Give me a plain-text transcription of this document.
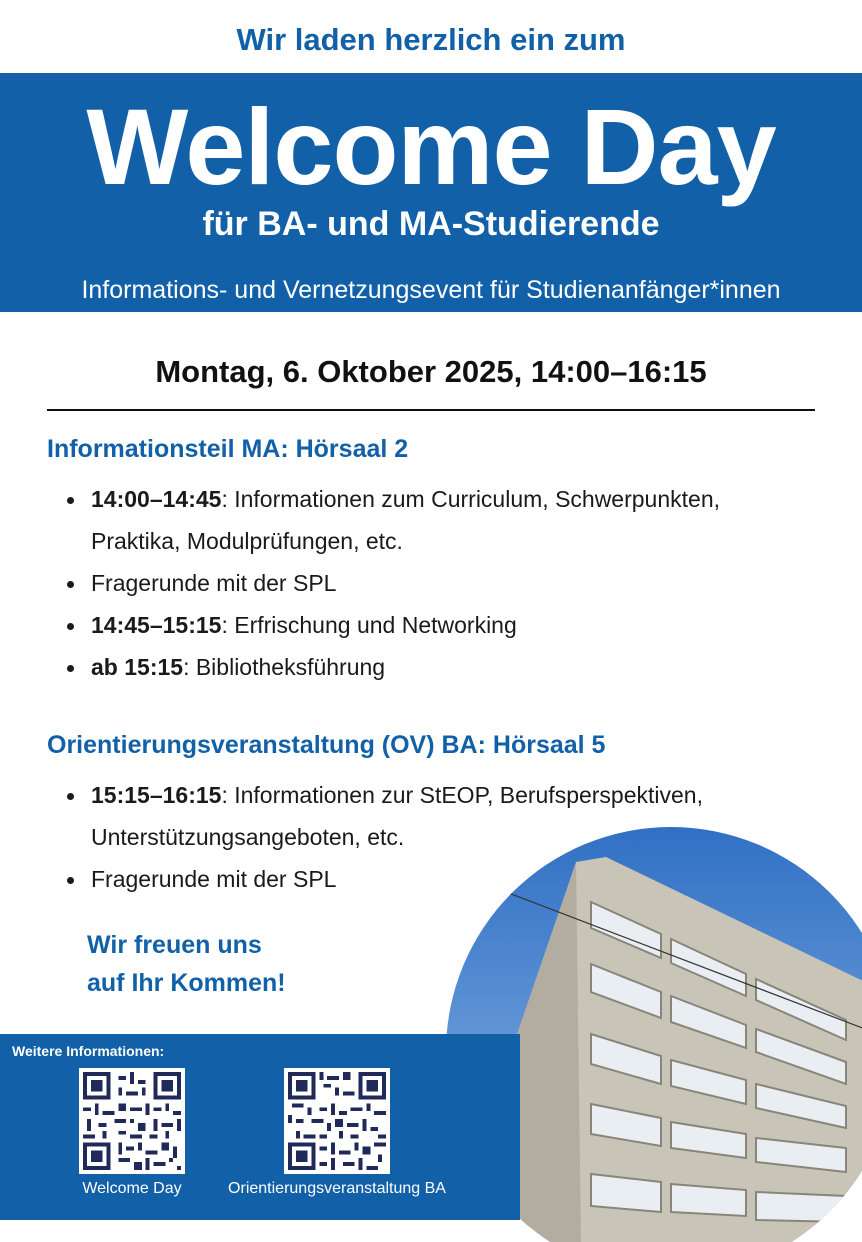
Wir laden herzlich ein zum
Welcome Day
für BA- und MA-Studierende
Informations- und Vernetzungsevent für Studienanfänger*innen
Montag, 6. Oktober 2025, 14:00–16:15
Informationsteil MA: Hörsaal 2
14:00–14:45: Informationen zum Curriculum, Schwerpunkten,
Praktika, Modulprüfungen, etc.
Fragerunde mit der SPL
14:45–15:15: Erfrischung und Networking
ab 15:15: Bibliotheksführung
Orientierungsveranstaltung (OV) BA: Hörsaal 5
15:15–16:15: Informationen zur StEOP, Berufsperspektiven,
Unterstützungsangeboten, etc.
Fragerunde mit der SPL
Wir freuen uns
auf Ihr Kommen!
Weitere Informationen:
Welcome Day	Orientierungsveranstaltung BA
